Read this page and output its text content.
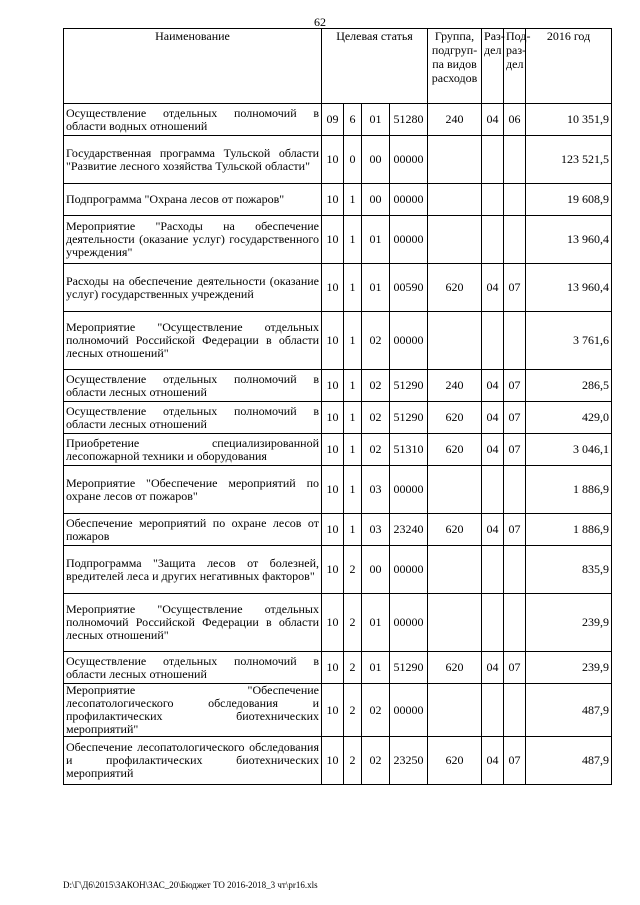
62
Наименование	Целевая статья				Группа, подгруп-па видов расходов	Раз-дел	Под-раз-дел	2016 год
Осуществление отдельных полномочий в области водных отношений	09	6	01	51280	240	04	06	10 351,9
Государственная программа Тульской области "Развитие лесного хозяйства Тульской области"	10	0	00	00000				123 521,5
Подпрограмма "Охрана лесов от пожаров"	10	1	00	00000				19 608,9
Мероприятие "Расходы на обеспечение деятельности (оказание услуг) государственного учреждения"	10	1	01	00000				13 960,4
Расходы на обеспечение деятельности (оказание услуг) государственных учреждений	10	1	01	00590	620	04	07	13 960,4
Мероприятие "Осуществление отдельных полномочий Российской Федерации в области лесных отношений"	10	1	02	00000				3 761,6
Осуществление отдельных полномочий в области лесных отношений	10	1	02	51290	240	04	07	286,5
Осуществление отдельных полномочий в области лесных отношений	10	1	02	51290	620	04	07	429,0
Приобретение специализированной лесопожарной техники и оборудования	10	1	02	51310	620	04	07	3 046,1
Мероприятие "Обеспечение мероприятий по охране лесов от пожаров"	10	1	03	00000				1 886,9
Обеспечение мероприятий по охране лесов от пожаров	10	1	03	23240	620	04	07	1 886,9
Подпрограмма "Защита лесов от болезней, вредителей леса и других негативных факторов"	10	2	00	00000				835,9
Мероприятие "Осуществление отдельных полномочий Российской Федерации в области лесных отношений"	10	2	01	00000				239,9
Осуществление отдельных полномочий в области лесных отношений	10	2	01	51290	620	04	07	239,9
Мероприятие "Обеспечение лесопатологического обследования и профилактических биотехнических мероприятий"	10	2	02	00000				487,9
Обеспечение лесопатологического обследования и профилактических биотехнических мероприятий	10	2	02	23250	620	04	07	487,9
D:\Г\Д6\2015\ЗАКОН\ЗАС_20\Бюджет ТО 2016-2018_3 чт\pr16.xls
